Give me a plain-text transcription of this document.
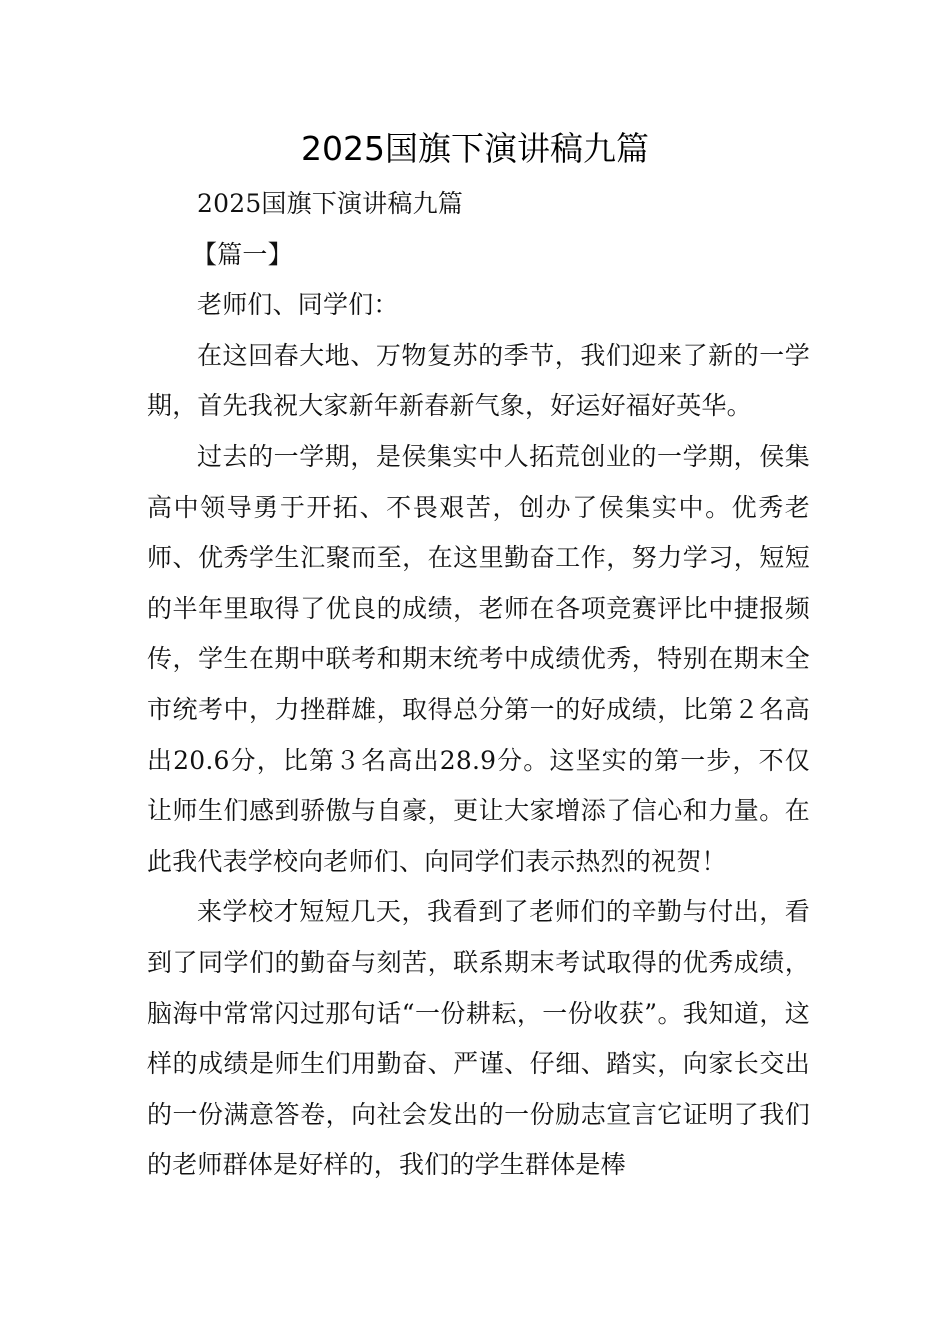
2025国旗下演讲稿九篇

2025国旗下演讲稿九篇

【篇一】

老师们、同学们：

在这回春大地、万物复苏的季节，我们迎来了新的一学期，首先我祝大家新年新春新气象，好运好福好英华。

过去的一学期，是侯集实中人拓荒创业的一学期，侯集高中领导勇于开拓、不畏艰苦，创办了侯集实中。优秀老师、优秀学生汇聚而至，在这里勤奋工作，努力学习，短短的半年里取得了优良的成绩，老师在各项竞赛评比中捷报频传，学生在期中联考和期末统考中成绩优秀，特别在期末全市统考中，力挫群雄，取得总分第一的好成绩，比第２名高出20.6分，比第３名高出28.9分。这坚实的第一步，不仅让师生们感到骄傲与自豪，更让大家增添了信心和力量。在此我代表学校向老师们、向同学们表示热烈的祝贺！

来学校才短短几天，我看到了老师们的辛勤与付出，看到了同学们的勤奋与刻苦，联系期末考试取得的优秀成绩，脑海中常常闪过那句话“一份耕耘，一份收获”。我知道，这样的成绩是师生们用勤奋、严谨、仔细、踏实，向家长交出的一份满意答卷，向社会发出的一份励志宣言它证明了我们的老师群体是好样的，我们的学生群体是棒
